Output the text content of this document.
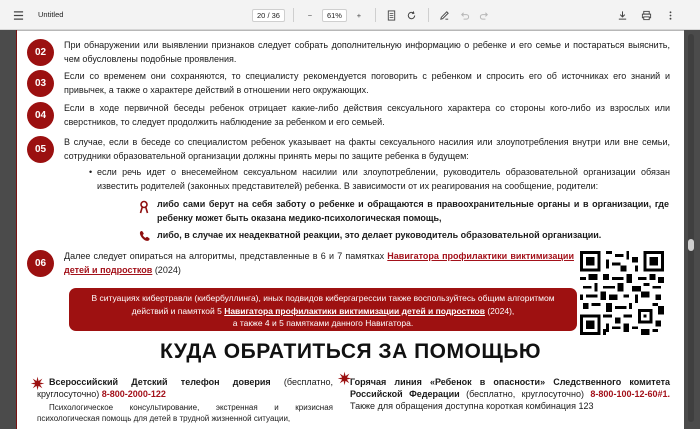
Untitled	20 / 36	−	61%	+
02
При обнаружении или выявлении признаков следует собрать дополнительную информацию о ребенке и его семье и постараться выяснить, чем обусловлены подобные проявления.
03
Если со временем они сохраняются, то специалисту рекомендуется поговорить с ребенком и спросить его об источниках его знаний и привычек, а также о характере действий в отношении него окружающих.
04
Если в ходе первичной беседы ребенок отрицает какие-либо действия сексуального характера со стороны кого-либо из взрослых или сверстников, то следует продолжить наблюдение за ребенком и его семьей.
05
В случае, если в беседе со специалистом ребенок указывает на факты сексуального насилия или злоупотребления внутри или вне семьи, сотрудники образовательной организации должны принять меры по защите ребенка в будущем:
• если речь идет о внесемейном сексуальном насилии или злоупотреблении, руководитель образовательной организации обязан известить родителей (законных представителей) ребенка. В зависимости от их реагирования на сообщение, родители:
либо сами берут на себя заботу о ребенке и обращаются в правоохранительные органы и в организации, где ребенку может быть оказана медико-психологическая помощь,
либо, в случае их неадекватной реакции, это делает руководитель образовательной организации.
06
Далее следует опираться на алгоритмы, представленные в 6 и 7 памятках Навигатора профилактики виктимизации детей и подростков (2024)
В ситуациях кибертравли (кибербуллинга), иных подвидов кибергагрессии также воспользуйтесь общим алгоритмом действий и памяткой 5 Навигатора профилактики виктимизации детей и подростков (2024),
а также 4 и 5 памятками данного Навигатора.
КУДА ОБРАТИТЬСЯ ЗА ПОМОЩЬЮ
✷ Всероссийский Детский телефон доверия (бесплатно, круглосуточно) 8-800-2000-122
Психологическое консультирование, экстренная и кризисная психологическая помощь для детей в трудной жизненной ситуации,
✷
Горячая линия «Ребенок в опасности» Следственного комитета Российской Федерации (бесплатно, круглосуточно) 8-800-100-12-60#1. Также для обращения доступна короткая комбинация 123
